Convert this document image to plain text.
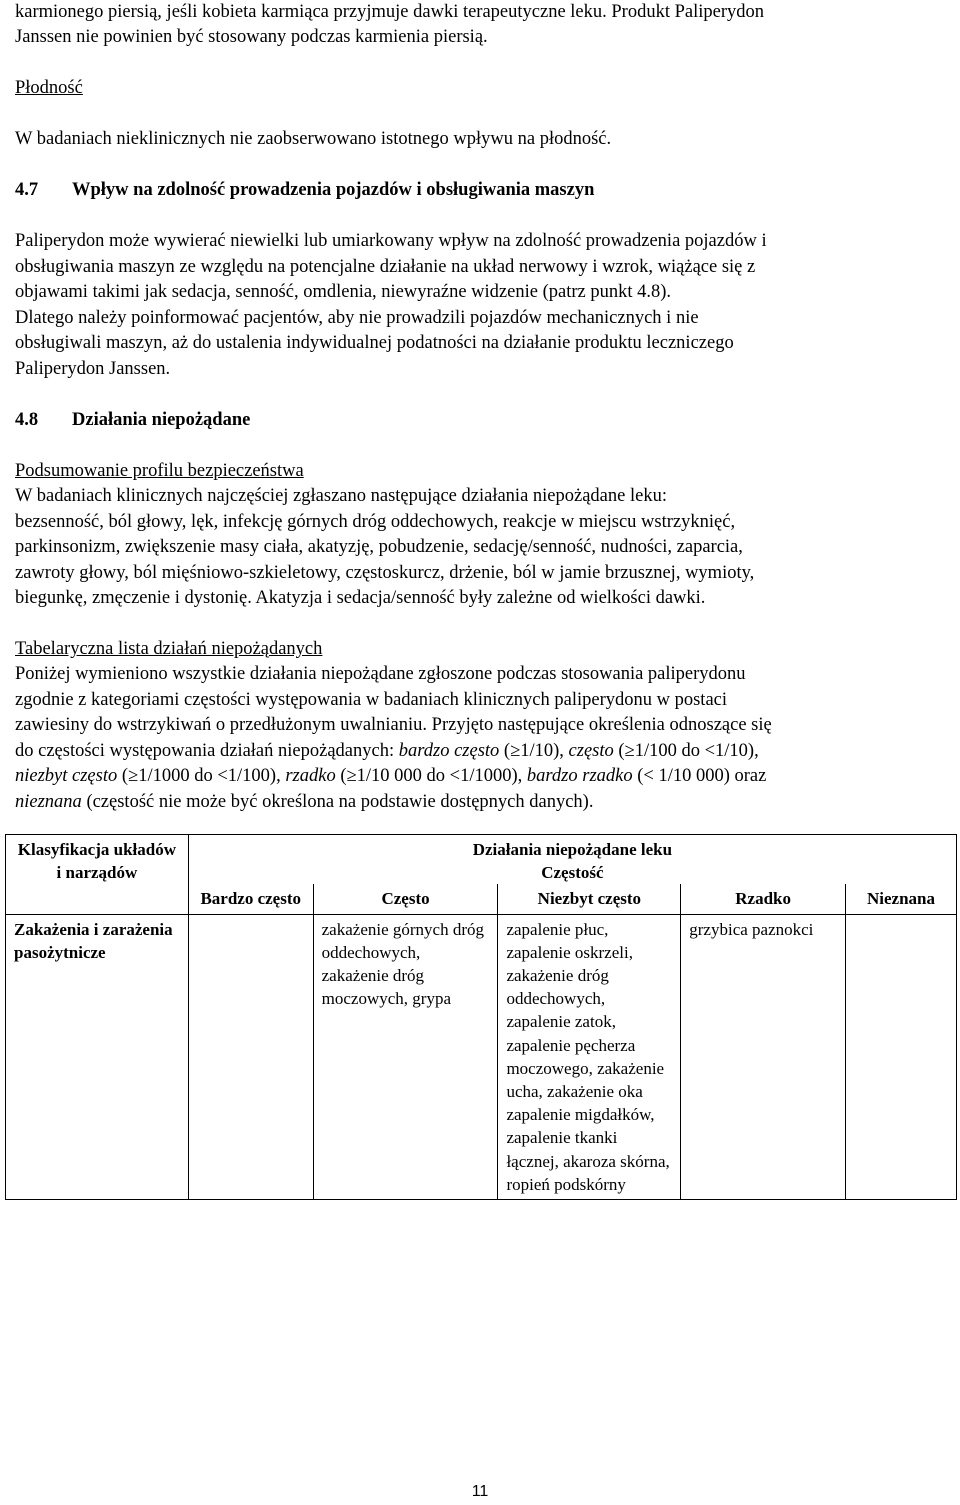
karmionego piersią, jeśli kobieta karmiąca przyjmuje dawki terapeutyczne leku. Produkt Paliperydon

Janssen nie powinien być stosowany podczas karmienia piersią.

Płodność

W badaniach nieklinicznych nie zaobserwowano istotnego wpływu na płodność.

4.7 Wpływ na zdolność prowadzenia pojazdów i obsługiwania maszyn

Paliperydon może wywierać niewielki lub umiarkowany wpływ na zdolność prowadzenia pojazdów i

obsługiwania maszyn ze względu na potencjalne działanie na układ nerwowy i wzrok, wiążące się z

objawami takimi jak sedacja, senność, omdlenia, niewyraźne widzenie (patrz punkt 4.8).

Dlatego należy poinformować pacjentów, aby nie prowadzili pojazdów mechanicznych i nie

obsługiwali maszyn, aż do ustalenia indywidualnej podatności na działanie produktu leczniczego

Paliperydon Janssen.

4.8 Działania niepożądane

Podsumowanie profilu bezpieczeństwa

W badaniach klinicznych najczęściej zgłaszano następujące działania niepożądane leku:

bezsenność, ból głowy, lęk, infekcję górnych dróg oddechowych, reakcje w miejscu wstrzyknięć,

parkinsonizm, zwiększenie masy ciała, akatyzję, pobudzenie, sedację/senność, nudności, zaparcia,

zawroty głowy, ból mięśniowo-szkieletowy, częstoskurcz, drżenie, ból w jamie brzusznej, wymioty,

biegunkę, zmęczenie i dystonię. Akatyzja i sedacja/senność były zależne od wielkości dawki.

Tabelaryczna lista działań niepożądanych

Poniżej wymieniono wszystkie działania niepożądane zgłoszone podczas stosowania paliperydonu

zgodnie z kategoriami częstości występowania w badaniach klinicznych paliperydonu w postaci

zawiesiny do wstrzykiwań o przedłużonym uwalnianiu. Przyjęto następujące określenia odnoszące się

do częstości występowania działań niepożądanych: bardzo często (≥1/10), często (≥1/100 do <1/10),

niezbyt często (≥1/1000 do <1/100), rzadko (≥1/10 000 do <1/1000), bardzo rzadko (< 1/10 000) oraz

nieznana (częstość nie może być określona na podstawie dostępnych danych).

Klasyfikacja układów i narządów	Działania niepożądane leku
Częstość				

	Bardzo często	Często	Niezbyt często	Rzadko	Nieznana
Zakażenia i zarażenia pasożytnicze		zakażenie górnych dróg oddechowych, zakażenie dróg moczowych, grypa	zapalenie płuc, zapalenie oskrzeli, zakażenie dróg oddechowych, zapalenie zatok, zapalenie pęcherza moczowego, zakażenie ucha, zakażenie oka zapalenie migdałków, zapalenie tkanki łącznej, akaroza skórna, ropień podskórny	grzybica paznokci	
11
